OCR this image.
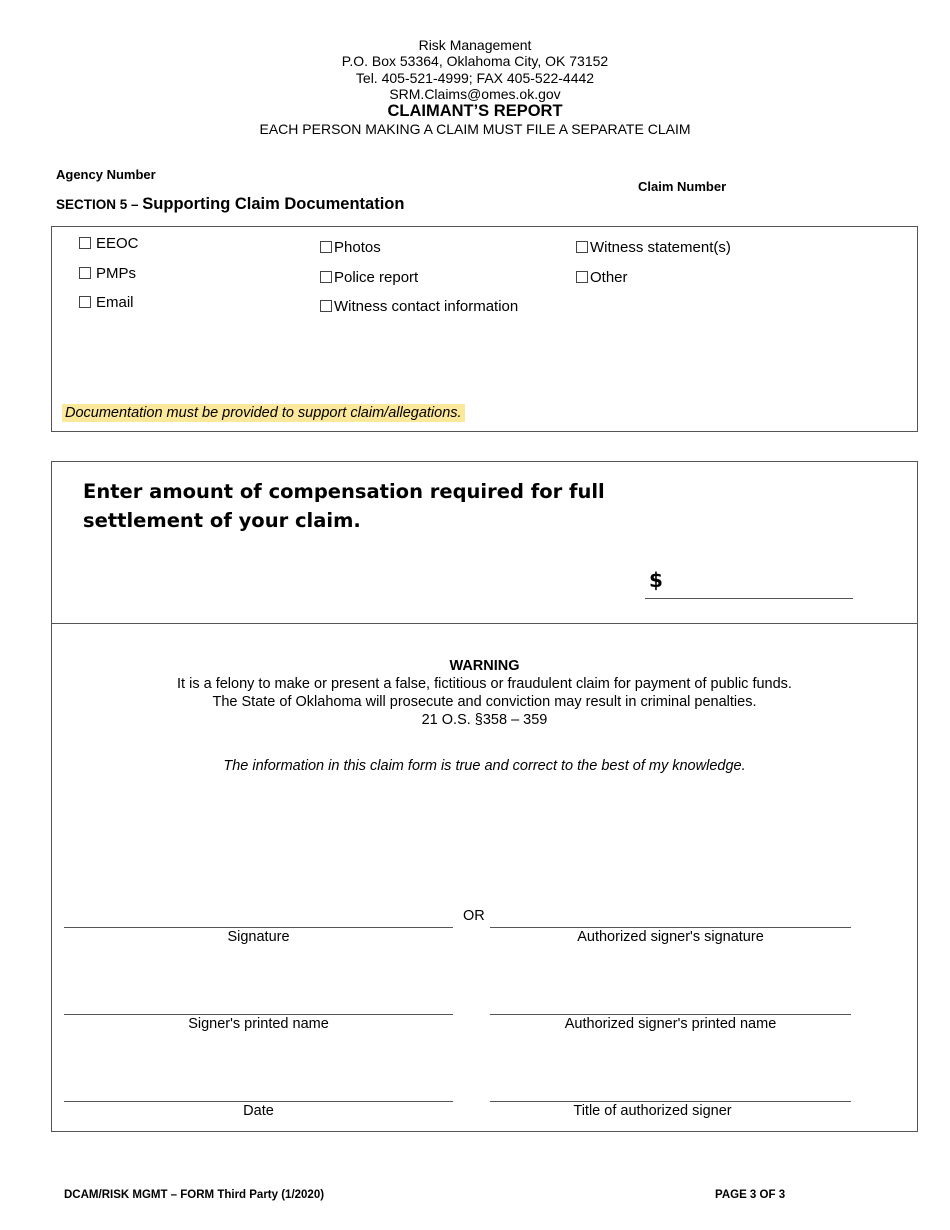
Risk Management
P.O. Box 53364, Oklahoma City, OK 73152
Tel. 405-521-4999; FAX 405-522-4442
SRM.Claims@omes.ok.gov
CLAIMANT’S REPORT
EACH PERSON MAKING A CLAIM MUST FILE A SEPARATE CLAIM
Agency Number
Claim Number
SECTION 5 – Supporting Claim Documentation
EEOC
PMPs
Email
Photos
Police report
Witness contact information
Witness statement(s)
Other
Documentation must be provided to support claim/allegations.
Enter amount of compensation required for full
settlement of your claim.
$
WARNING
It is a felony to make or present a false, fictitious or fraudulent claim for payment of public funds.
The State of Oklahoma will prosecute and conviction may result in criminal penalties.
21 O.S. §358 – 359
The information in this claim form is true and correct to the best of my knowledge.
OR
Signature	Authorized signer's signature
Signer's printed name	Authorized signer's printed name
Date	Title of authorized signer
DCAM/RISK MGMT – FORM Third Party (1/2020)	PAGE 3 OF 3
